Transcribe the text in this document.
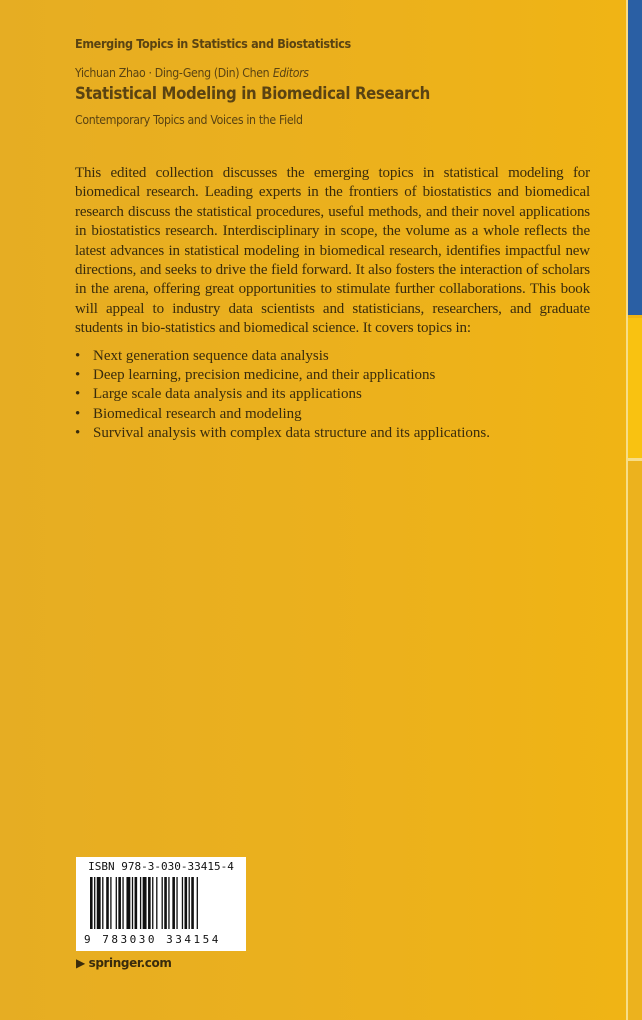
Emerging Topics in Statistics and Biostatistics
Yichuan Zhao · Ding-Geng (Din) Chen Editors
Statistical Modeling in Biomedical Research
Contemporary Topics and Voices in the Field
This edited collection discusses the emerging topics in statistical modeling for biomedical research. Leading experts in the frontiers of biostatistics and biomedical research discuss the statistical procedures, useful methods, and their novel applications in biostatistics research. Interdisciplinary in scope, the volume as a whole reflects the latest advances in statistical modeling in biomedical research, identifies impactful new directions, and seeks to drive the field forward. It also fosters the interaction of scholars in the arena, offering great opportunities to stimulate further collaborations. This book will appeal to industry data scientists and statisticians, researchers, and graduate students in bio-statistics and biomedical science. It covers topics in:
• Next generation sequence data analysis
• Deep learning, precision medicine, and their applications
• Large scale data analysis and its applications
• Biomedical research and modeling
• Survival analysis with complex data structure and its applications.
ISBN 978-3-030-33415-4
9 783030 334154
▶ springer.com
